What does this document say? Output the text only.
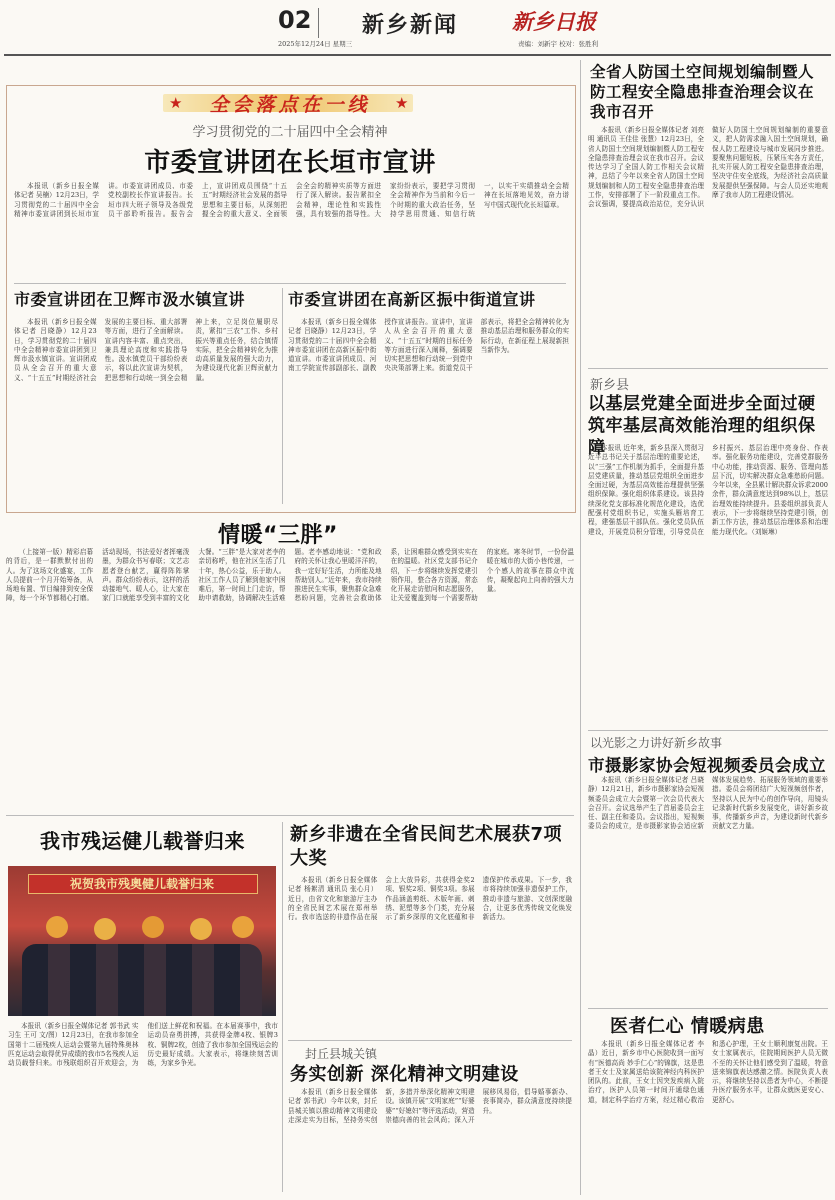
02 新乡新闻	新乡日报
2025年12月24日 星期三	责编：刘新宇 校对：张胜利
★	全会落点在一线	★
学习贯彻党的二十届四中全会精神
市委宣讲团在长垣市宣讲

本报讯（新乡日报全媒体记者 吴楠）12月23日，学习贯彻党的二十届四中全会精神市委宣讲团到长垣市宣讲。市委宣讲团成员、市委党校副校长作宣讲报告。长垣市四大班子领导及各级党员干部聆听报告。报告会上，宣讲团成员围绕“十五五”时期经济社会发展的指导思想和主要目标，从深刻把握全会的重大意义、全面领会全会的精神实质等方面进行了深入解读。报告紧扣全会精神，理论性和实践性强，具有较强的指导性。大家纷纷表示，要把学习贯彻全会精神作为当前和今后一个时期的重大政治任务，坚持学思用贯通、知信行统一，以实干实绩推动全会精神在长垣落地见效，奋力谱写中国式现代化长垣篇章。

市委宣讲团在卫辉市汲水镇宣讲

本报讯（新乡日报全媒体记者 吕晓静）12月23日，学习贯彻党的二十届四中全会精神市委宣讲团到卫辉市汲水镇宣讲。宣讲团成员从全会召开的重大意义、“十五五”时期经济社会发展的主要目标、重大部署等方面，进行了全面解读。宣讲内容丰富、重点突出，兼具理论高度和实践指导性。汲水镇党员干部纷纷表示，将以此次宣讲为契机，把思想和行动统一到全会精神上来，立足岗位履职尽责，紧扣“三农”工作、乡村振兴等重点任务，结合镇情实际，把全会精神转化为推动高质量发展的强大动力，为建设现代化新卫辉贡献力量。

市委宣讲团在高新区振中街道宣讲

本报讯（新乡日报全媒体记者 吕晓静）12月23日，学习贯彻党的二十届四中全会精神市委宣讲团在高新区振中街道宣讲。市委宣讲团成员、河南工学院宣传部副部长、副教授作宣讲报告。宣讲中，宣讲人从全会召开的重大意义、“十五五”时期的目标任务等方面进行深入阐释，强调要切实把思想和行动统一到党中央决策部署上来。街道党员干部表示，将把全会精神转化为推动基层治理和服务群众的实际行动，在新征程上展现新担当新作为。

情暖“三胖”

（上接第一版）精彩启幕的背后，是一群默默付出的人。为了这场文化盛宴，工作人员提前一个月开始筹备，从场地布置、节目编排到安全保障，每一个环节都精心打磨。活动现场，书法爱好者挥毫泼墨，为群众书写春联；文艺志愿者登台献艺，赢得阵阵掌声。群众纷纷表示，这样的活动接地气、暖人心，让大家在家门口就能享受到丰富的文化大餐。“三胖”是大家对老李的亲切称呼，他在社区生活了几十年，热心公益，乐于助人。社区工作人员了解到他家中困难后，第一时间上门走访，帮助申请救助，协调解决生活难题。老李感动地说：“党和政府的关怀让我心里暖洋洋的，我一定好好生活，力所能及地帮助别人。”近年来，我市持续推进民生实事，聚焦群众急难愁盼问题，完善社会救助体系，让困难群众感受到实实在在的温暖。社区党支部书记介绍，下一步将继续发挥党建引领作用，整合各方资源，常态化开展走访慰问和志愿服务，让关爱覆盖到每一个需要帮助的家庭。寒冬时节，一份份温暖在城市的大街小巷传递，一个个感人的故事在群众中流传，凝聚起向上向善的强大力量。

我市残运健儿载誉归来
祝贺我市残奥健儿载誉归来

本报讯（新乡日报全媒体记者 郭书武 实习生 王可 文/图）12月23日，在我市参加全国第十二届残疾人运动会暨第九届特殊奥林匹克运动会取得优异成绩的我市5名残疾人运动员载誉归来。市残联组织召开欢迎会，为他们送上鲜花和祝福。在本届赛事中，我市运动员奋勇拼搏，共获得金牌4枚、银牌3枚、铜牌2枚，创造了我市参加全国残运会的历史最好成绩。大家表示，将继续刻苦训练，为家乡争光。

新乡非遗在全省民间艺术展获7项大奖

本报讯（新乡日报全媒体记者 杨絮清 通讯员 张心月）近日，由省文化和旅游厅主办的全省民间艺术展在郑州举行。我市选送的非遗作品在展会上大放异彩，共获得金奖2项、银奖2项、铜奖3项。参展作品涵盖剪纸、木版年画、刺绣、泥塑等多个门类，充分展示了新乡深厚的文化底蕴和非遗保护传承成果。下一步，我市将持续加强非遗保护工作，推动非遗与旅游、文创深度融合，让更多优秀传统文化焕发新活力。

封丘县城关镇
务实创新 深化精神文明建设

本报讯（新乡日报全媒体记者 郭书武）今年以来，封丘县城关镇以推动精神文明建设走深走实为目标，坚持务实创新，多措并举深化精神文明建设。该镇开展“文明家庭”“好婆婆”“好媳妇”等评选活动，营造崇德向善的社会风尚；深入开展移风易俗，倡导婚事新办、丧事简办，群众满意度持续提升。

全省人防国土空间规划编制暨人防工程安全隐患排查治理会议在我市召开

本报讯（新乡日报全媒体记者 刘亮明 通讯员 王佳佳 张慧）12月23日，全省人防国土空间规划编制暨人防工程安全隐患排查治理会议在我市召开。会议传达学习了全国人防工作相关会议精神，总结了今年以来全省人防国土空间规划编制和人防工程安全隐患排查治理工作，安排部署了下一阶段重点工作。会议强调，要提高政治站位，充分认识做好人防国土空间规划编制的重要意义，把人防需求融入国土空间规划，确保人防工程建设与城市发展同步推进。要聚焦问题短板，压紧压实各方责任，扎实开展人防工程安全隐患排查治理，坚决守住安全底线，为经济社会高质量发展提供坚强保障。与会人员还实地观摩了我市人防工程建设情况。

新乡县
以基层党建全面进步全面过硬筑牢基层高效能治理的组织保障

本报讯 近年来，新乡县深入贯彻习近平总书记关于基层治理的重要论述，以“三强”工作机制为抓手，全面提升基层党建质量，推动基层党组织全面进步全面过硬，为基层高效能治理提供坚强组织保障。强化组织体系建设。该县持续深化党支部标准化规范化建设，选优配强村党组织书记，实施头雁培育工程，建强基层干部队伍。强化党员队伍建设，开展党员积分管理，引导党员在乡村振兴、基层治理中亮身份、作表率。强化服务功能建设，完善党群服务中心功能，推动资源、服务、管理向基层下沉，切实解决群众急难愁盼问题。今年以来，全县累计解决群众诉求2000余件，群众满意度达到98%以上，基层治理效能持续提升。县委组织部负责人表示，下一步将继续坚持党建引领，创新工作方法，推动基层治理体系和治理能力现代化。（刘姬琳）

以光影之力讲好新乡故事
市摄影家协会短视频委员会成立

本报讯（新乡日报全媒体记者 吕晓静）12月21日，新乡市摄影家协会短视频委员会成立大会暨第一次会员代表大会召开。会议选举产生了首届委员会主任、副主任和委员。会议指出，短视频委员会的成立，是市摄影家协会适应新媒体发展趋势、拓展服务领域的重要举措。委员会将团结广大短视频创作者，坚持以人民为中心的创作导向，用镜头记录新时代新乡发展变化，讲好新乡故事，传播新乡声音，为建设新时代新乡贡献文艺力量。

医者仁心 情暖病患

本报讯（新乡日报全媒体记者 李晶）近日，新乡市中心医院收到一面写有“医德高尚 妙手仁心”的锦旗，这是患者王女士及家属送给该院神经内科医护团队的。此前，王女士因突发疾病入院治疗，医护人员第一时间开通绿色通道，制定科学治疗方案，经过精心救治和悉心护理，王女士顺利康复出院。王女士家属表示，住院期间医护人员无微不至的关怀让他们感受到了温暖，特意送来锦旗表达感激之情。医院负责人表示，将继续坚持以患者为中心，不断提升医疗服务水平，让群众就医更安心、更舒心。
